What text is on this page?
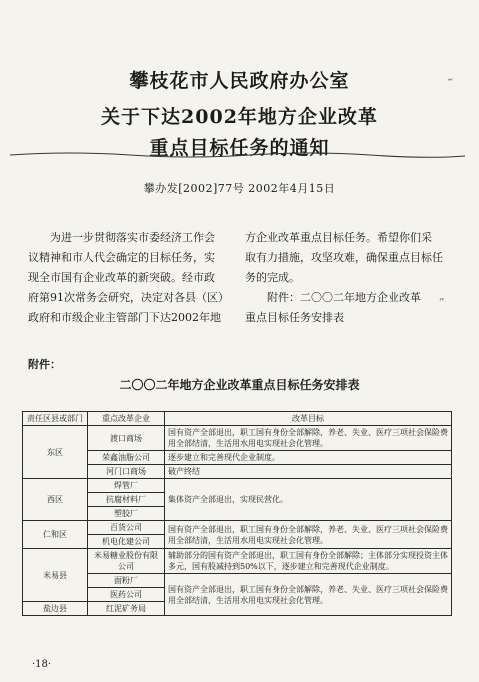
攀枝花市人民政府办公室
关于下达2002年地方企业改革
重点目标任务的通知
攀办发[2002]77号 2002年4月15日

为进一步贯彻落实市委经济工作会

议精神和市人代会确定的目标任务，实

现全市国有企业改革的新突破。经市政

府第91次常务会研究，决定对各县（区）

政府和市级企业主管部门下达2002年地

方企业改革重点目标任务。希望你们采

取有力措施，攻坚攻难，确保重点目标任

务的完成。

附件：二〇〇二年地方企业改革

重点目标任务安排表

附件：
二〇〇二年地方企业改革重点目标任务安排表
责任区县或部门	重点改革企业	改革目标
东区	渡口商场	国有资产全部退出，职工国有身份全部解除，养老、失业、医疗三项社会保险费用全部结清，生活用水用电实现社会化管理。
	荣鑫油脂公司	逐步建立和完善现代企业制度。
	河门口商场	破产终结
西区	焊管厂	集体资产全部退出，实现民营化。
	抗腐材料厂	
	塑胶厂	
仁和区	百货公司	国有资产全部退出，职工国有身份全部解除，养老、失业、医疗三项社会保险费用全部结清，生活用水用电实现社会化管理。
	机电化建公司	
米易县	米易糖业股份有限公司	辅助部分的国有资产全部退出，职工国有身份全部解除；主体部分实现投资主体多元，国有股减持到50%以下，逐步建立和完善现代企业制度。
	面粉厂	国有资产全部退出，职工国有身份全部解除，养老、失业、医疗三项社会保险费用全部结清，生活用水用电实现社会化管理。
	医药公司	
盐边县	红泥矿务局	
·18·
˜
˝
˙
